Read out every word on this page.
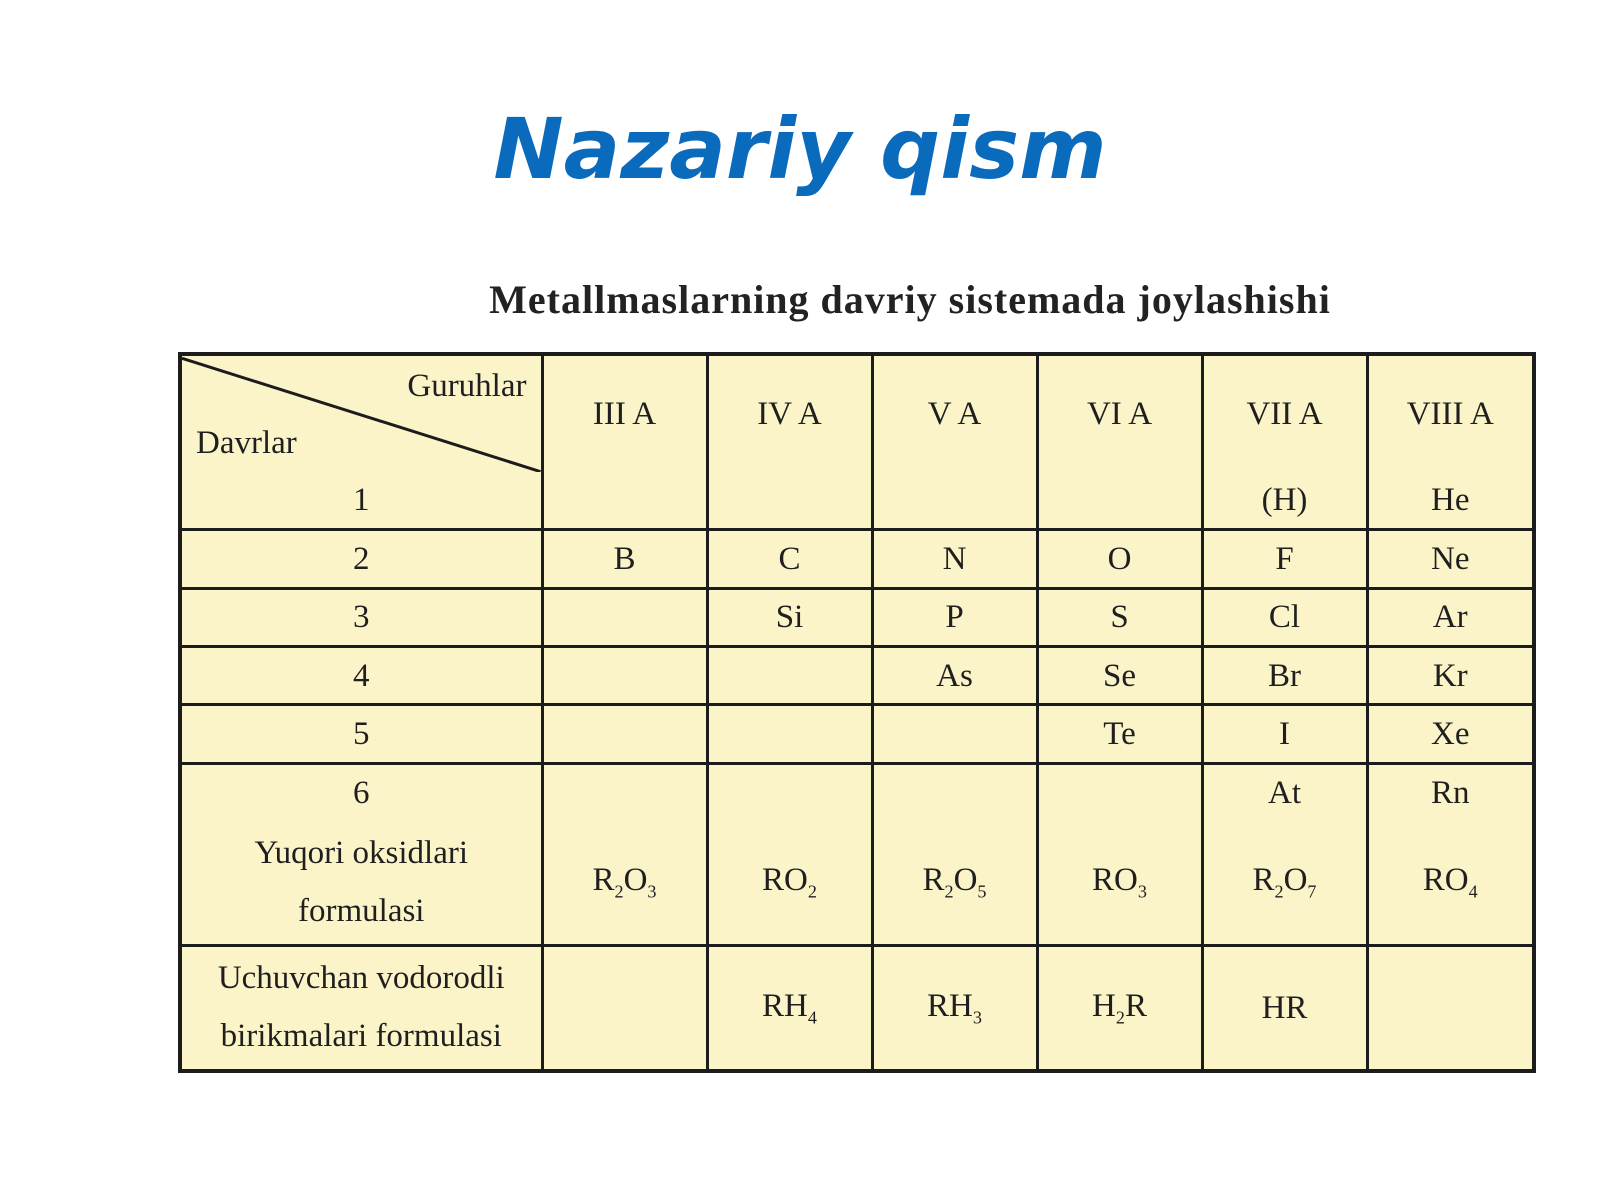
Nazariy qism
Metallmaslarning davriy sistemada joylashishi
Guruhlar
Davrlar	III A	IV A	V A	VI A	VII A	VIII A
1					(H)	He
2	B	C	N	O	F	Ne
3		Si	P	S	Cl	Ar
4			As	Se	Br	Kr
5				Te	I	Xe
6					At	Rn

Yuqori oksidlari
formulasi	$R_2O_3$	$RO_2$	$R_2O_5$	$RO_3$	$R_2O_7$	$RO_4$

Uchuvchan vodorodli
birikmalari formulasi		$RH_4$	$RH_3$	$H_2R$	HR	
